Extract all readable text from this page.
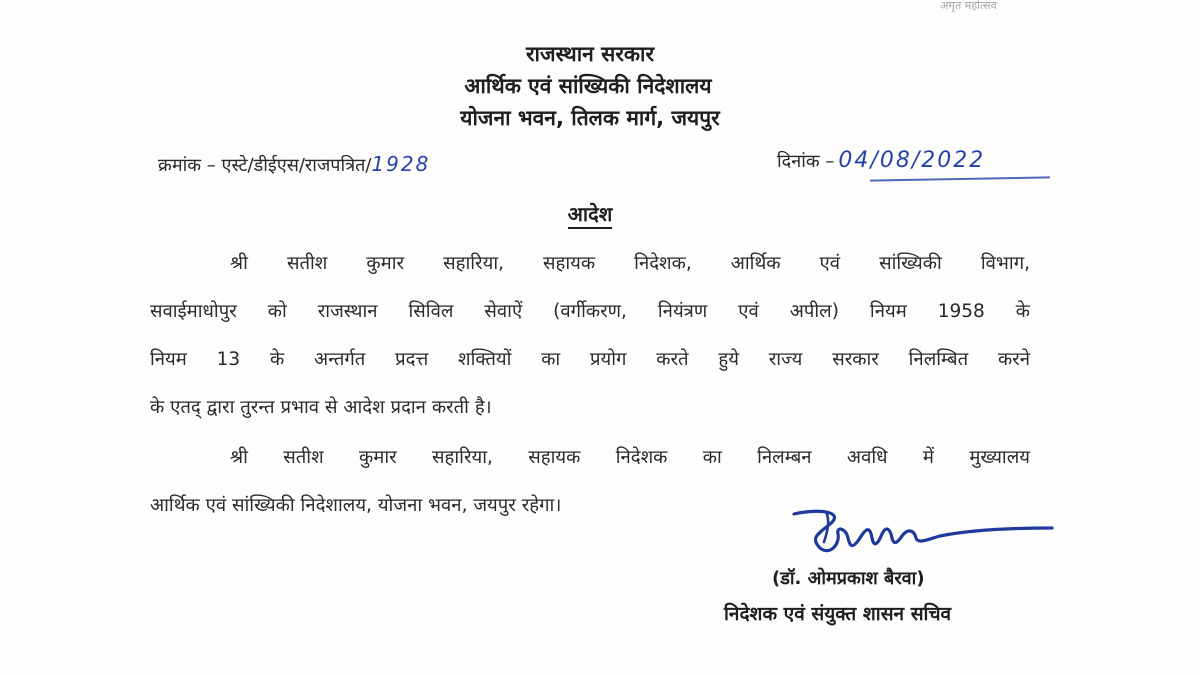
अमृत महोत्सव
राजस्थान सरकार
आर्थिक एवं सांख्यिकी निदेशालय
योजना भवन, तिलक मार्ग, जयपुर
क्रमांक – एस्टे/डीईएस/राजपत्रित/1928	दिनांक – 04/08/2022
आदेश
श्री सतीश कुमार सहारिया, सहायक निदेशक, आर्थिक एवं सांख्यिकी विभाग,
सवाईमाधोपुर को राजस्थान सिविल सेवाऐं (वर्गीकरण, नियंत्रण एवं अपील) नियम 1958 के
नियम 13 के अन्तर्गत प्रदत्त शक्तियों का प्रयोग करते हुये राज्य सरकार निलम्बित करने
के एतद् द्वारा तुरन्त प्रभाव से आदेश प्रदान करती है।
श्री सतीश कुमार सहारिया, सहायक निदेशक का निलम्बन अवधि में मुख्यालय
आर्थिक एवं सांख्यिकी निदेशालय, योजना भवन, जयपुर रहेगा।
(डॉ. ओमप्रकाश बैरवा)
निदेशक एवं संयुक्त शासन सचिव
